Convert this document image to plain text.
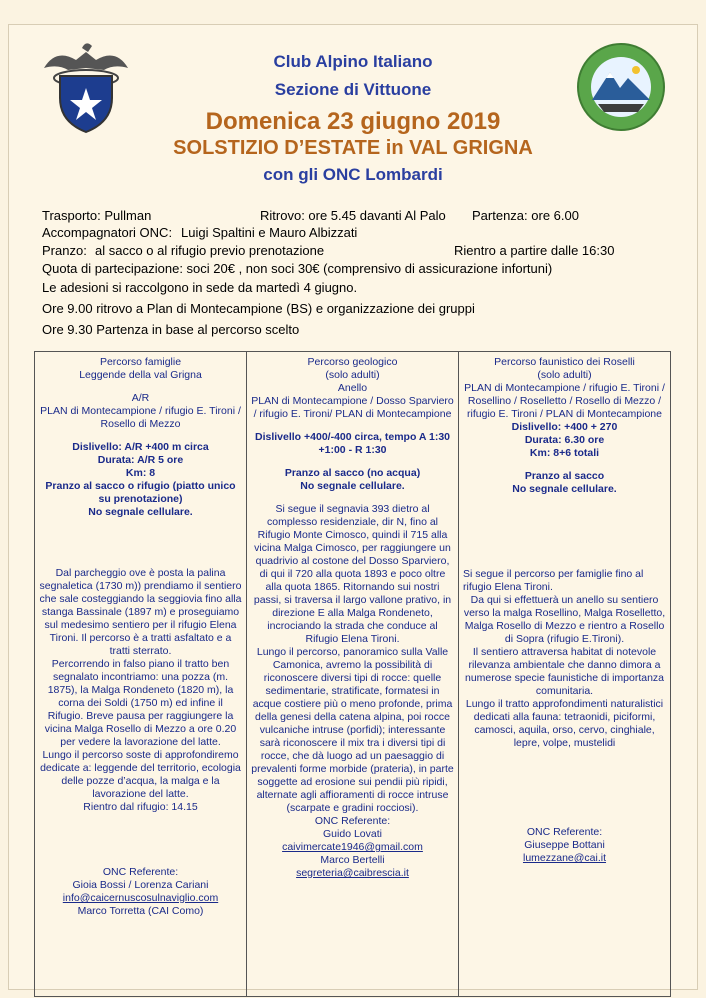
Club Alpino Italiano
Sezione di Vittuone
Domenica 23 giugno 2019
SOLSTIZIO D’ESTATE in VAL GRIGNA
con gli ONC Lombardi
Trasporto: Pullman	Ritrovo: ore 5.45 davanti Al Palo Partenza: ore 6.00
Accompagnatori ONC: Luigi Spaltini e Mauro Albizzati
Pranzo: al sacco o al rifugio previo prenotazione	Rientro a partire dalle 16:30
Quota di partecipazione: soci 20€ , non soci 30€ (comprensivo di assicurazione infortuni)
Le adesioni si raccolgono in sede da martedì 4 giugno.
Ore 9.00 ritrovo a Plan di Montecampione (BS) e organizzazione dei gruppi
Ore 9.30 Partenza in base al percorso scelto

Percorso famiglie

Leggende della val Grigna

A/R

PLAN di Montecampione / rifugio E. Tironi / Rosello di Mezzo

Dislivello: A/R +400 m circa

Durata: A/R 5 ore

Km: 8

Pranzo al sacco o rifugio (piatto unico su prenotazione)

No segnale cellulare.

Dal parcheggio ove è posta la palina segnaletica (1730 m)) prendiamo il sentiero che sale costeggiando la seggiovia fino alla stanga Bassinale (1897 m) e proseguiamo sul medesimo sentiero per il rifugio Elena Tironi. Il percorso è a tratti asfaltato e a tratti sterrato.

Percorrendo in falso piano il tratto ben segnalato incontriamo: una pozza (m. 1875), la Malga Rondeneto (1820 m), la corna dei Soldi (1750 m) ed infine il Rifugio. Breve pausa per raggiungere la vicina Malga Rosello di Mezzo a ore 0.20 per vedere la lavorazione del latte.

Lungo il percorso soste di approfondiremo dedicate a: leggende del territorio, ecologia delle pozze d’acqua, la malga e la lavorazione del latte.

Rientro dal rifugio: 14.15

ONC Referente:

Gioia Bossi / Lorenza Cariani

info@caicernuscosulnaviglio.com

Marco Torretta (CAI Como)

Percorso geologico

(solo adulti)

Anello

PLAN di Montecampione / Dosso Sparviero / rifugio E. Tironi/ PLAN di Montecampione

Dislivello +400/-400 circa, tempo A 1:30 +1:00 - R 1:30

Pranzo al sacco (no acqua)

No segnale cellulare.

Si segue il segnavia 393 dietro al complesso residenziale, dir N, fino al Rifugio Monte Cimosco, quindi il 715 alla vicina Malga Cimosco, per raggiungere un quadrivio al costone del Dosso Sparviero, di qui il 720 alla quota 1893 e poco oltre alla quota 1865. Ritornando sui nostri passi, si traversa il largo vallone prativo, in direzione E alla Malga Rondeneto, incrociando la strada che conduce al Rifugio Elena Tironi.

Lungo il percorso, panoramico sulla Valle Camonica, avremo la possibilità di riconoscere diversi tipi di rocce: quelle sedimentarie, stratificate, formatesi in acque costiere più o meno profonde, prima della genesi della catena alpina, poi rocce vulcaniche intruse (porfidi); interessante sarà riconoscere il mix tra i diversi tipi di rocce, che dà luogo ad un paesaggio di prevalenti forme morbide (prateria), in parte soggette ad erosione sui pendii più ripidi, alternate agli affioramenti di rocce intruse (scarpate e gradini rocciosi).

ONC Referente:

Guido Lovati

caivimercate1946@gmail.com

Marco Bertelli

segreteria@caibrescia.it

Percorso faunistico dei Roselli

(solo adulti)

PLAN di Montecampione / rifugio E. Tironi / Rosellino / Roselletto / Rosello di Mezzo / rifugio E. Tironi / PLAN di Montecampione

Dislivello: +400 + 270

Durata: 6.30 ore

Km: 8+6 totali

Pranzo al sacco

No segnale cellulare.

Si segue il percorso per famiglie fino al rifugio Elena Tironi.

Da qui si effettuerà un anello su sentiero verso la malga Rosellino, Malga Roselletto, Malga Rosello di Mezzo e rientro a Rosello di Sopra (rifugio E.Tironi).

Il sentiero attraversa habitat di notevole rilevanza ambientale che danno dimora a numerose specie faunistiche di importanza comunitaria.

Lungo il tratto approfondimenti naturalistici dedicati alla fauna: tetraonidi, piciformi, camosci, aquila, orso, cervo, cinghiale, lepre, volpe, mustelidi

ONC Referente:

Giuseppe Bottani

lumezzane@cai.it
